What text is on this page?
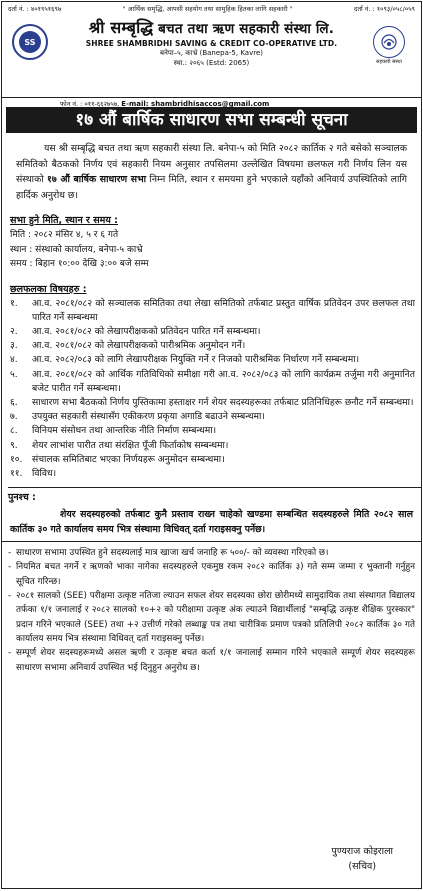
दर्ता नं. : ४०१९५१६९७	" आर्थिक समृद्धि, आपसी सहयोग तथा सामुहिक हितका लागि सहकारी "	दर्ता नं. : १०९३/०५८/०५९
SS
सहकारी संस्था
श्री सम्बृद्धि बचत तथा ऋण सहकारी संस्था लि.
SHREE SHAMBRIDHI SAVING & CREDIT CO-OPERATIVE LTD.
बनेपा–५, काभ्रे (Banepa-5, Kavre)
स्था.: २०६५ (Estd: 2065)
फोन नं. : ०११-६६२७५७, E-mail: shambridhisaccos@gmail.com
१७ औं बार्षिक साधारण सभा सम्बन्धी सूचना
यस श्री सम्बृद्धि बचत तथा ऋण सहकारी संस्था लि. बनेपा-५ को मिति २०८२ कार्तिक २ गते बसेको सञ्चालक समितिको बैठकको निर्णय एवं सहकारी नियम अनुसार तपसिलमा उल्लेखित विषयमा छलफल गरी निर्णय लिन यस संस्थाको १७ औं बार्षिक साधारण सभा निम्न मिति, स्थान र समयमा हुने भएकाले यहाँको अनिवार्य उपस्थितिको लागि हार्दिक अनुरोध छ।
सभा हुने मिति, स्थान र समय :
मिति : २०८२ मंसिर ४, ५ र ६ गते
स्थान : संस्थाको कार्यालय, बनेपा-५ काभ्रे
समय : बिहान १०:०० देखि ३:०० बजे सम्म
छलफलका विषयहरु :
१.	आ.व. २०८१/०८२ को सञ्चालक समितिका तथा लेखा समितिको तर्फबाट प्रस्तुत वार्षिक प्रतिवेदन उपर छलफल तथा पारित गर्ने सम्बन्धमा
२.	आ.व. २०८१/०८२ को लेखापरीक्षकको प्रतिवेदन पारित गर्ने सम्बन्धमा।
३.	आ.व. २०८१/०८२ को लेखापरीक्षकको पारीश्रमिक अनुमोदन गर्ने।
४.	आ.व. २०८२/०८३ को लागि लेखापरीक्षक नियुक्ति गर्ने र निजको पारीश्रमिक निर्धारण गर्ने सम्बन्धमा।
५.	आ.व. २०८१/०८२ को आर्थिक गतिविधिको समीक्षा गरी आ.व. २०८२/०८३ को लागि कार्यक्रम तर्जुमा गरी अनुमानित बजेट पारीत गर्ने सम्बन्धमा।
६.	साधारण सभा बैठकको निर्णय पुस्तिकामा हस्ताक्षर गर्न शेयर सदस्यहरूका तर्फबाट प्रतिनिधिहरू छनौट गर्ने सम्बन्धमा।
७.	उपयुक्त सहकारी संस्थासँग एकीकरण प्रकृया अगाडि बढाउने सम्बन्धमा।
८.	विनियम संसोधन तथा आन्तरिक नीति निर्माण सम्बन्धमा।
९.	शेयर लाभांश पारीत तथा संरक्षित पूँजी फिर्ताकोष सम्बन्धमा।
१०.	संचालक समितिबाट भएका निर्णयहरू अनुमोदन सम्बन्धमा।
११.	विविध।
पुनश्च :
शेयर सदस्यहरुको तर्फबाट कुनै प्रस्ताव राख्न चाहेको खण्डमा सम्बन्धित सदस्यहरुले मिति २०८२ साल कार्तिक ३० गते कार्यालय समय भित्र संस्थामा विधिवत् दर्ता गराइसक्नु पर्नेछ।
- साधारण सभामा उपस्थित हुने सदस्यलाई मात्र खाजा खर्च जनाहि रू ५००/- को व्यवस्था गरिएको छ।
- नियमित बचत नगर्ने र ऋणको भाका नागेका सदस्यहरुले एकमुष्ठ रकम २०८२ कार्तिक ३) गते सम्म जम्मा र भुक्तानी गर्नुहुन सूचित गरिन्छ।
- २०८१ सालको (SEE) परीक्षमा उत्कृष्ट नतिजा ल्याउन सफल शेयर सदस्यका छोरा छोरीमध्ये सामुदायिक तथा संस्थागत विद्यालय तर्फका १/१ जनालाई र २०८२ सालको १०+२ को परीक्षामा उत्कृष्ट अंक ल्याउने विद्यार्थीलाई "सम्बृद्धि उत्कृष्ट शैक्षिक पुरस्कार" प्रदान गरिने भएकाले (SEE) तथा +२ उत्तीर्ण गरेको लब्धाङ्क पत्र तथा चारीत्रिक प्रमाण पत्रको प्रतिलिपी २०८२ कार्तिक ३० गते कार्यालय समय भित्र संस्थामा विधिवत् दर्ता गराइसक्नु पर्नेछ।
- सम्पूर्ण शेयर सदस्यहरूमध्ये असल ऋणी र उत्कृष्ट बचत कर्ता १/१ जनालाई सम्मान गरिने भएकाले सम्पूर्ण शेयर सदस्यहरू साधारण सभामा अनिवार्य उपस्थित भई दिनुहुन अनुरोध छ।
पुण्यराज कोइराला
(सचिव)
